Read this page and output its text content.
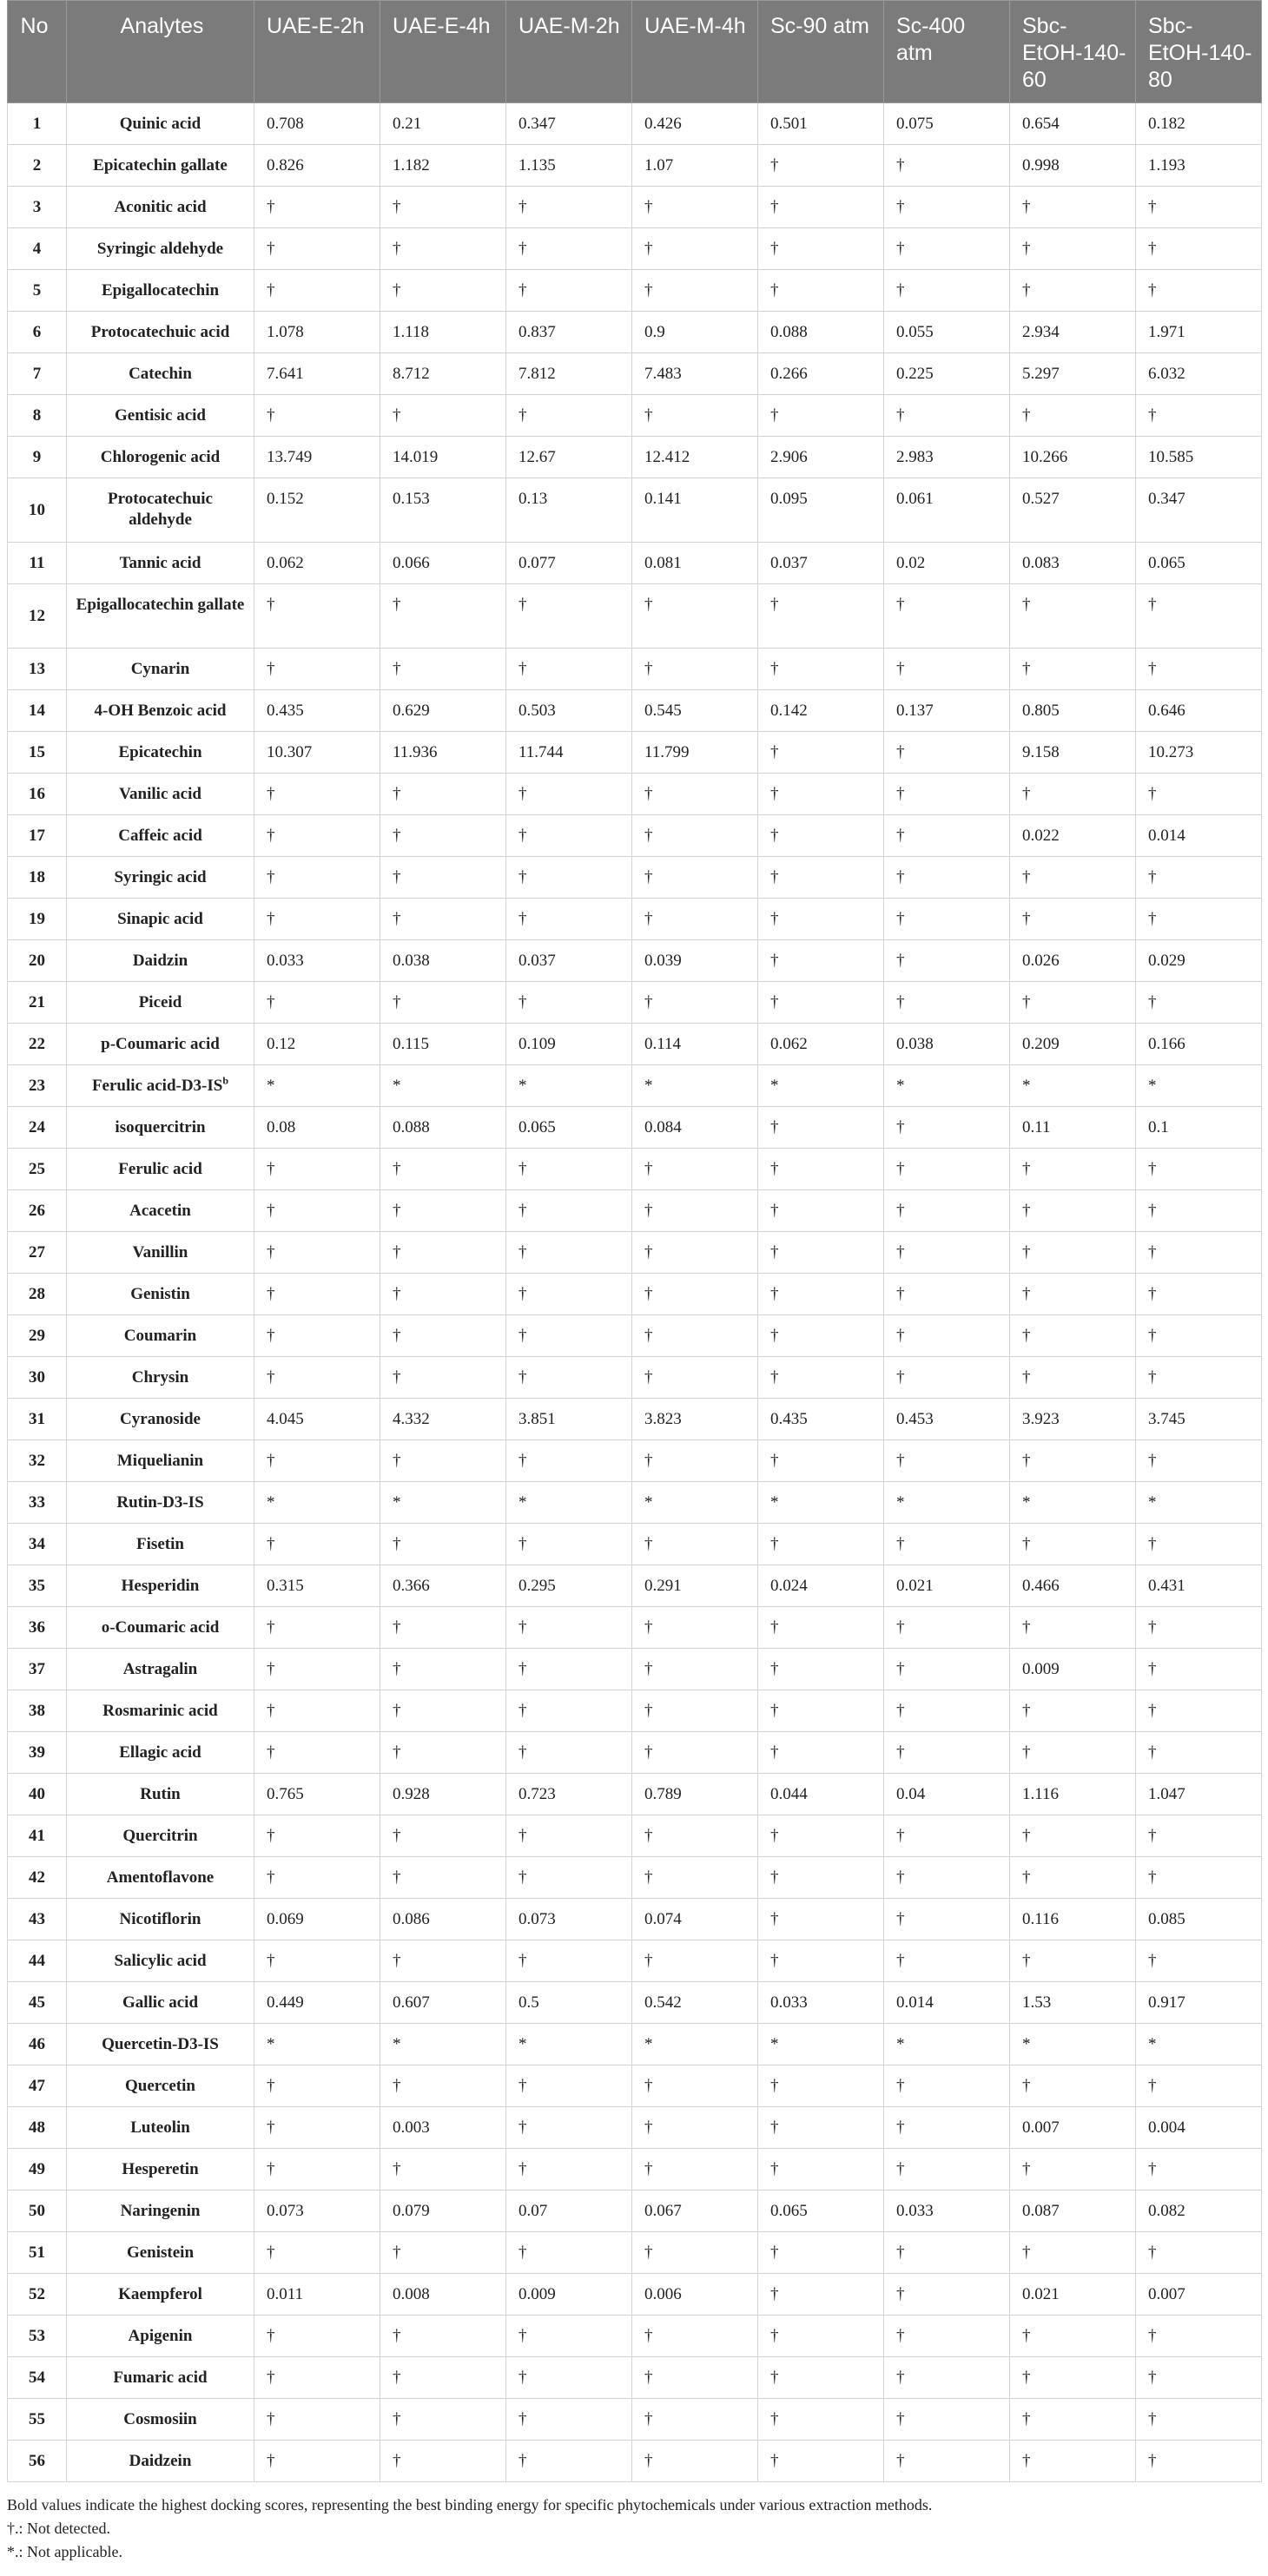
No	Analytes	UAE-E-2h	UAE-E-4h	UAE-M-2h	UAE-M-4h	Sc-90 atm	Sc-400 atm	Sbc-EtOH-140-60	Sbc-EtOH-140-80
1	Quinic acid	0.708	0.21	0.347	0.426	0.501	0.075	0.654	0.182
2	Epicatechin gallate	0.826	1.182	1.135	1.07	†	†	0.998	1.193
3	Aconitic acid	†	†	†	†	†	†	†	†
4	Syringic aldehyde	†	†	†	†	†	†	†	†
5	Epigallocatechin	†	†	†	†	†	†	†	†
6	Protocatechuic acid	1.078	1.118	0.837	0.9	0.088	0.055	2.934	1.971
7	Catechin	7.641	8.712	7.812	7.483	0.266	0.225	5.297	6.032
8	Gentisic acid	†	†	†	†	†	†	†	†
9	Chlorogenic acid	13.749	14.019	12.67	12.412	2.906	2.983	10.266	10.585
10	Protocatechuic aldehyde	0.152	0.153	0.13	0.141	0.095	0.061	0.527	0.347
11	Tannic acid	0.062	0.066	0.077	0.081	0.037	0.02	0.083	0.065
12	Epigallocatechin gallate	†	†	†	†	†	†	†	†
13	Cynarin	†	†	†	†	†	†	†	†
14	4-OH Benzoic acid	0.435	0.629	0.503	0.545	0.142	0.137	0.805	0.646
15	Epicatechin	10.307	11.936	11.744	11.799	†	†	9.158	10.273
16	Vanilic acid	†	†	†	†	†	†	†	†
17	Caffeic acid	†	†	†	†	†	†	0.022	0.014
18	Syringic acid	†	†	†	†	†	†	†	†
19	Sinapic acid	†	†	†	†	†	†	†	†
20	Daidzin	0.033	0.038	0.037	0.039	†	†	0.026	0.029
21	Piceid	†	†	†	†	†	†	†	†
22	p-Coumaric acid	0.12	0.115	0.109	0.114	0.062	0.038	0.209	0.166
23	Ferulic acid-$D3-IS^b$	*	*	*	*	*	*	*	*
24	isoquercitrin	0.08	0.088	0.065	0.084	†	†	0.11	0.1
25	Ferulic acid	†	†	†	†	†	†	†	†
26	Acacetin	†	†	†	†	†	†	†	†
27	Vanillin	†	†	†	†	†	†	†	†
28	Genistin	†	†	†	†	†	†	†	†
29	Coumarin	†	†	†	†	†	†	†	†
30	Chrysin	†	†	†	†	†	†	†	†
31	Cyranoside	4.045	4.332	3.851	3.823	0.435	0.453	3.923	3.745
32	Miquelianin	†	†	†	†	†	†	†	†
33	Rutin-D3-IS	*	*	*	*	*	*	*	*
34	Fisetin	†	†	†	†	†	†	†	†
35	Hesperidin	0.315	0.366	0.295	0.291	0.024	0.021	0.466	0.431
36	o-Coumaric acid	†	†	†	†	†	†	†	†
37	Astragalin	†	†	†	†	†	†	0.009	†
38	Rosmarinic acid	†	†	†	†	†	†	†	†
39	Ellagic acid	†	†	†	†	†	†	†	†
40	Rutin	0.765	0.928	0.723	0.789	0.044	0.04	1.116	1.047
41	Quercitrin	†	†	†	†	†	†	†	†
42	Amentoflavone	†	†	†	†	†	†	†	†
43	Nicotiflorin	0.069	0.086	0.073	0.074	†	†	0.116	0.085
44	Salicylic acid	†	†	†	†	†	†	†	†
45	Gallic acid	0.449	0.607	0.5	0.542	0.033	0.014	1.53	0.917
46	Quercetin-D3-IS	*	*	*	*	*	*	*	*
47	Quercetin	†	†	†	†	†	†	†	†
48	Luteolin	†	0.003	†	†	†	†	0.007	0.004
49	Hesperetin	†	†	†	†	†	†	†	†
50	Naringenin	0.073	0.079	0.07	0.067	0.065	0.033	0.087	0.082
51	Genistein	†	†	†	†	†	†	†	†
52	Kaempferol	0.011	0.008	0.009	0.006	†	†	0.021	0.007
53	Apigenin	†	†	†	†	†	†	†	†
54	Fumaric acid	†	†	†	†	†	†	†	†
55	Cosmosiin	†	†	†	†	†	†	†	†
56	Daidzein	†	†	†	†	†	†	†	†
Bold values indicate the highest docking scores, representing the best binding energy for specific phytochemicals under various extraction methods.
†.: Not detected.
*.: Not applicable.
